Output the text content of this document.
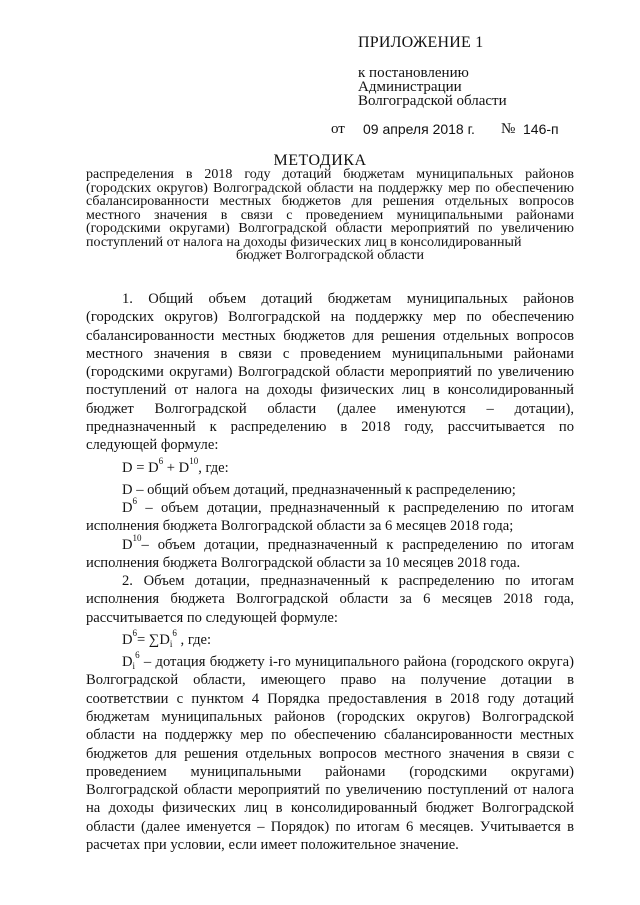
ПРИЛОЖЕНИЕ 1
к постановлению
Администрации
Волгоградской области
от 09 апреля 2018 г. № 146-п
МЕТОДИКА
распределения в 2018 году дотаций бюджетам муниципальных районов (городских округов) Волгоградской области на поддержку мер по обеспечению сбалансированности местных бюджетов для решения отдельных вопросов местного значения в связи с проведением муниципальными районами (городскими округами) Волгоградской области мероприятий по увеличению поступлений от налога на доходы физических лиц в консолидированный
бюджет Волгоградской области

1. Общий объем дотаций бюджетам муниципальных районов (городских округов) Волгоградской на поддержку мер по обеспечению сбалансированности местных бюджетов для решения отдельных вопросов местного значения в связи с проведением муниципальными районами (городскими округами) Волгоградской области мероприятий по увеличению поступлений от налога на доходы физических лиц в консолидированный бюджет Волгоградской области (далее именуются – дотации), предназначенный к распределению в 2018 году, рассчитывается по следующей формуле:

$D = D^6 + D^{10}$, где:

D – общий объем дотаций, предназначенный к распределению;

$D^6$ – объем дотации, предназначенный к распределению по итогам исполнения бюджета Волгоградской области за 6 месяцев 2018 года;

$D^{10}-$ объем дотации, предназначенный к распределению по итогам исполнения бюджета Волгоградской области за 10 месяцев 2018 года.

2. Объем дотации, предназначенный к распределению по итогам исполнения бюджета Волгоградской области за 6 месяцев 2018 года, рассчитывается по следующей формуле:

$D^6= \sum D_i^6$ , где:

$D_i^6$ – дотация бюджету i-го муниципального района (городского округа) Волгоградской области, имеющего право на получение дотации в соответствии с пунктом 4 Порядка предоставления в 2018 году дотаций бюджетам муниципальных районов (городских округов) Волгоградской области на поддержку мер по обеспечению сбалансированности местных бюджетов для решения отдельных вопросов местного значения в связи с проведением муниципальными районами (городскими округами) Волгоградской области мероприятий по увеличению поступлений от налога на доходы физических лиц в консолидированный бюджет Волгоградской области (далее именуется – Порядок) по итогам 6 месяцев. Учитывается в расчетах при условии, если имеет положительное значение.
